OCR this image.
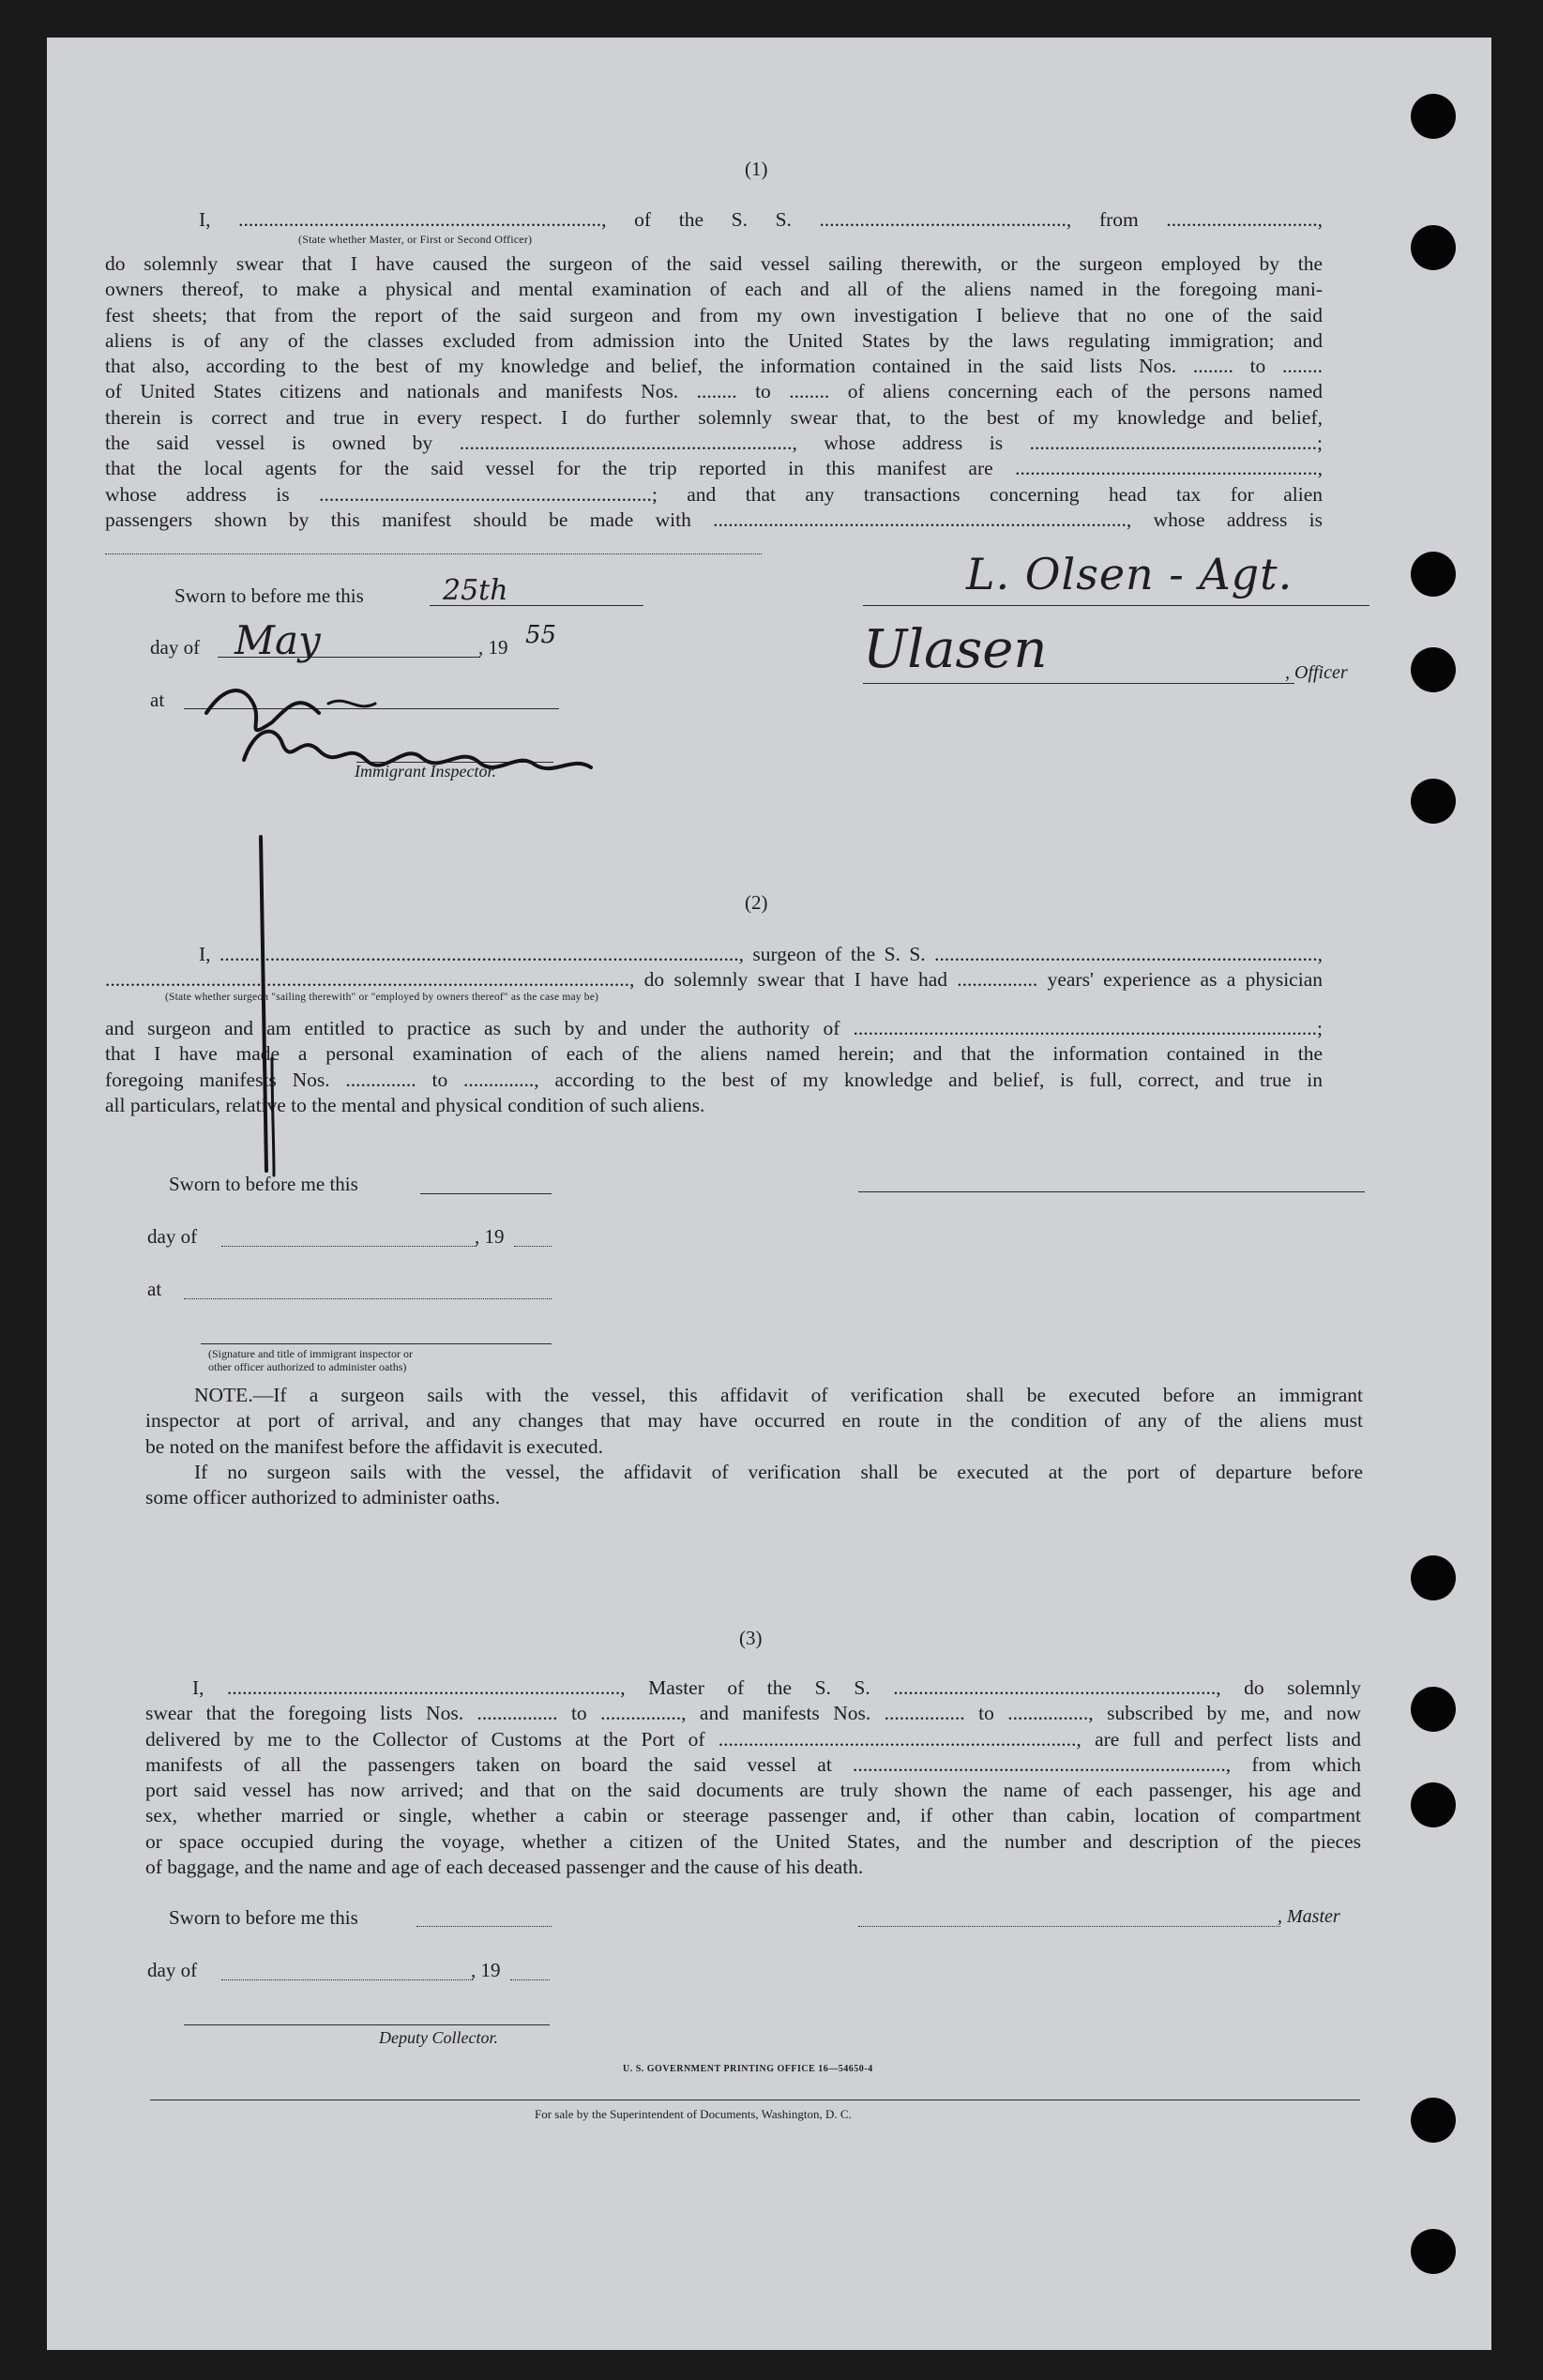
(1)
I, ........................................................................, of the S. S. ................................................., from ..............................,
(State whether Master, or First or Second Officer)
do solemnly swear that I have caused the surgeon of the said vessel sailing therewith, or the surgeon employed by the
owners thereof, to make a physical and mental examination of each and all of the aliens named in the foregoing mani-
fest sheets; that from the report of the said surgeon and from my own investigation I believe that no one of the said
aliens is of any of the classes excluded from admission into the United States by the laws regulating immigration; and
that also, according to the best of my knowledge and belief, the information contained in the said lists Nos. ........ to ........
of United States citizens and nationals and manifests Nos. ........ to ........ of aliens concerning each of the persons named
therein is correct and true in every respect. I do further solemnly swear that, to the best of my knowledge and belief,
the said vessel is owned by .................................................................., whose address is .........................................................;
that the local agents for the said vessel for the trip reported in this manifest are ............................................................,
whose address is ..................................................................; and that any transactions concerning head tax for alien
passengers shown by this manifest should be made with .................................................................................., whose address is
Sworn to before me this	25th
day of May	, 19 55
at
Immigrant Inspector.
, Officer
L. Olsen - Agt.
Ulasen
(2)
I, ......................................................................................................., surgeon of the S. S. ............................................................................,
........................................................................................................, do solemnly swear that I have had ................ years' experience as a physician
(State whether surgeon "sailing therewith" or "employed by owners thereof" as the case may be)
and surgeon and am entitled to practice as such by and under the authority of ............................................................................................;
that I have made a personal examination of each of the aliens named herein; and that the information contained in the
foregoing manifests Nos. .............. to .............., according to the best of my knowledge and belief, is full, correct, and true in
all particulars, relative to the mental and physical condition of such aliens.
Sworn to before me this
day of	, 19
at
(Signature and title of immigrant inspector or
other officer authorized to administer oaths)
NOTE.—If a surgeon sails with the vessel, this affidavit of verification shall be executed before an immigrant
inspector at port of arrival, and any changes that may have occurred en route in the condition of any of the aliens must
be noted on the manifest before the affidavit is executed.
If no surgeon sails with the vessel, the affidavit of verification shall be executed at the port of departure before
some officer authorized to administer oaths.
(3)
I, .............................................................................., Master of the S. S. ................................................................, do solemnly
swear that the foregoing lists Nos. ................ to ................, and manifests Nos. ................ to ................, subscribed by me, and now
delivered by me to the Collector of Customs at the Port of ......................................................................., are full and perfect lists and
manifests of all the passengers taken on board the said vessel at .........................................................................., from which
port said vessel has now arrived; and that on the said documents are truly shown the name of each passenger, his age and
sex, whether married or single, whether a cabin or steerage passenger and, if other than cabin, location of compartment
or space occupied during the voyage, whether a citizen of the United States, and the number and description of the pieces
of baggage, and the name and age of each deceased passenger and the cause of his death.
Sworn to before me this	, Master
day of	, 19
Deputy Collector.
U. S. GOVERNMENT PRINTING OFFICE 16—54650-4
For sale by the Superintendent of Documents, Washington, D. C.
